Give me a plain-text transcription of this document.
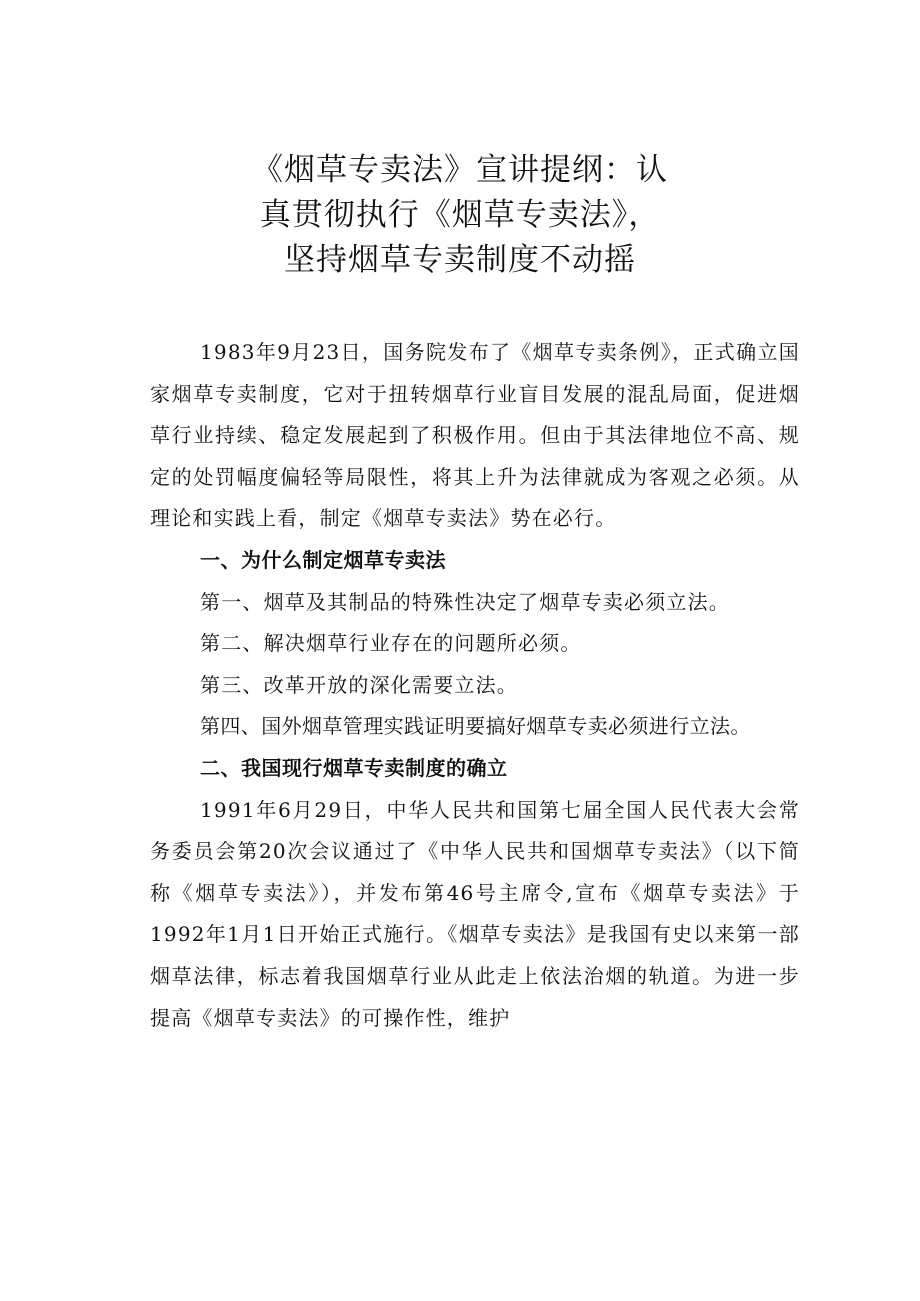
《烟草专卖法》宣讲提纲：认
真贯彻执行《烟草专卖法》，
坚持烟草专卖制度不动摇

1983年9月23日，国务院发布了《烟草专卖条例》，正式确立国家烟草专卖制度，它对于扭转烟草行业盲目发展的混乱局面，促进烟草行业持续、稳定发展起到了积极作用。但由于其法律地位不高、规定的处罚幅度偏轻等局限性，将其上升为法律就成为客观之必须。从理论和实践上看，制定《烟草专卖法》势在必行。

一、为什么制定烟草专卖法

第一、烟草及其制品的特殊性决定了烟草专卖必须立法。

第二、解决烟草行业存在的问题所必须。

第三、改革开放的深化需要立法。

第四、国外烟草管理实践证明要搞好烟草专卖必须进行立法。

二、我国现行烟草专卖制度的确立

1991年6月29日，中华人民共和国第七届全国人民代表大会常务委员会第20次会议通过了《中华人民共和国烟草专卖法》（以下简称《烟草专卖法》），并发布第46号主席令,宣布《烟草专卖法》于1992年1月1日开始正式施行。《烟草专卖法》是我国有史以来第一部烟草法律，标志着我国烟草行业从此走上依法治烟的轨道。为进一步提高《烟草专卖法》的可操作性，维护
